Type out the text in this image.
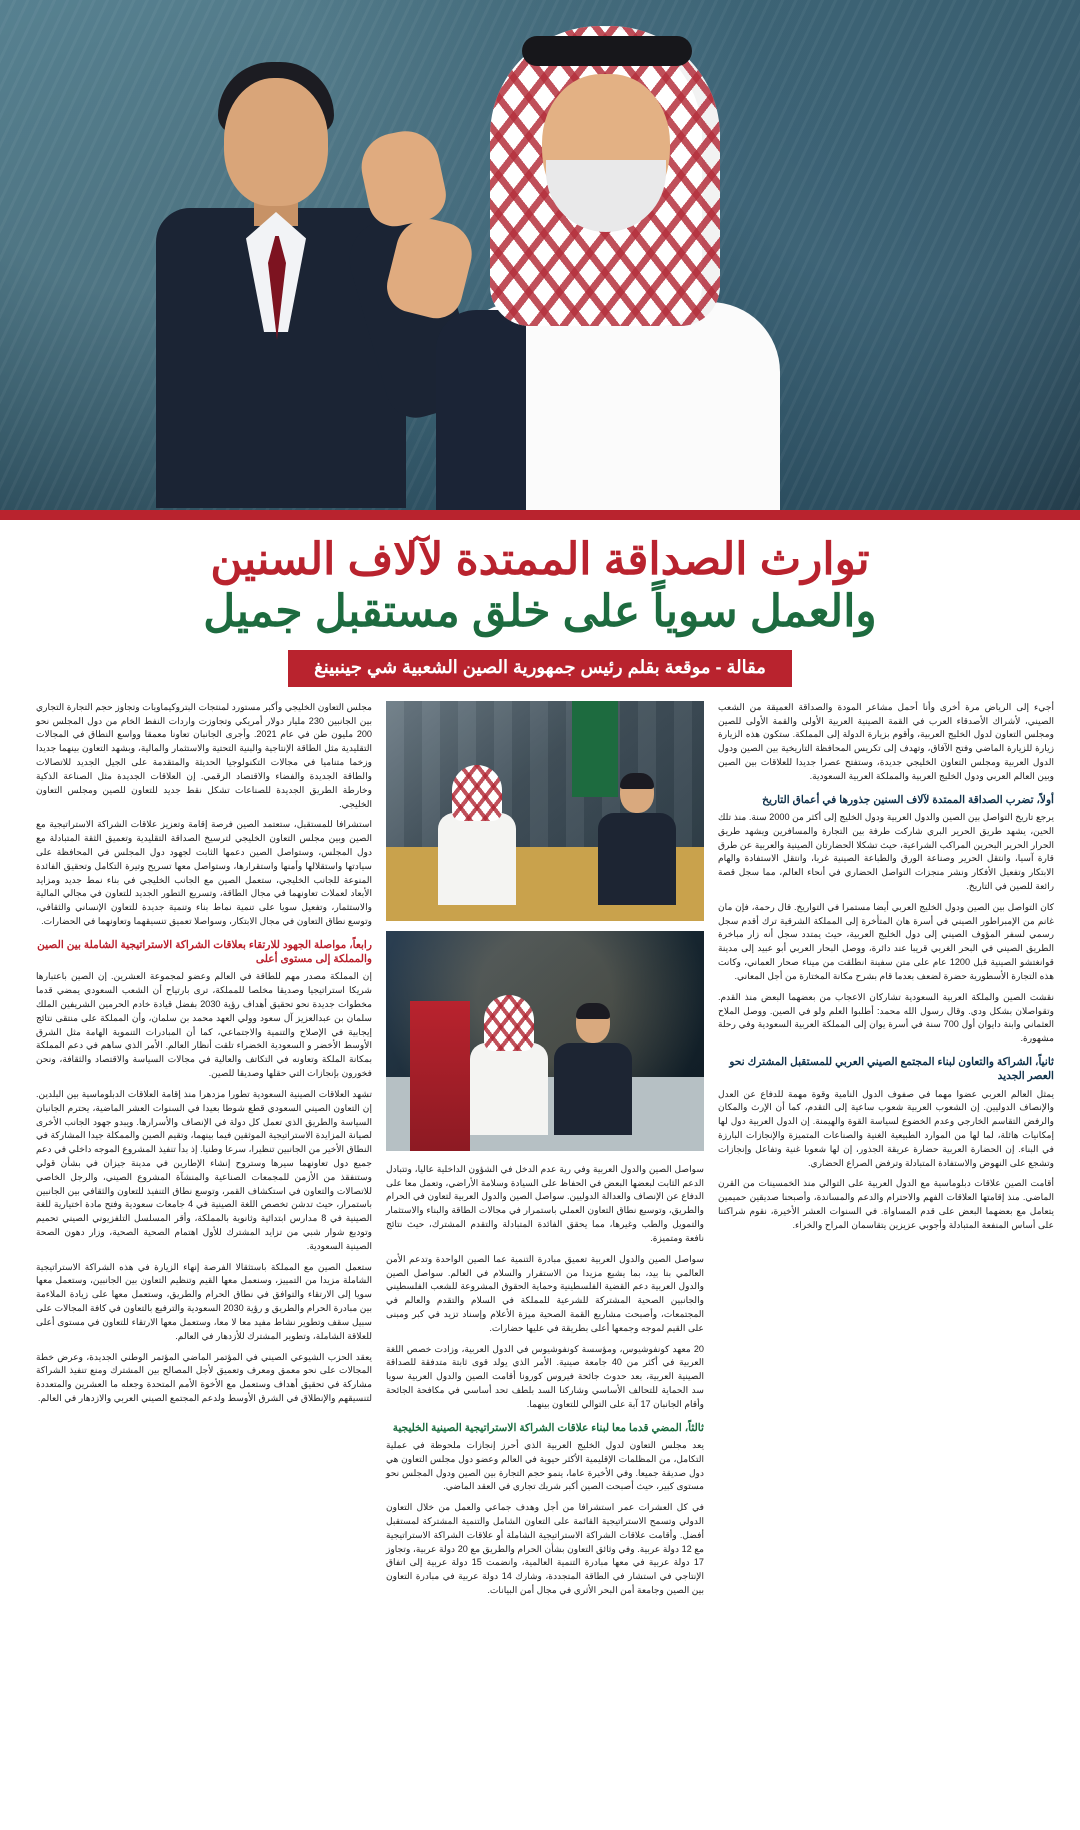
توارث الصداقة الممتدة لآلاف السنين
والعمل سوياً على خلق مستقبل جميل
مقالة - موقعة بقلم رئيس جمهورية الصين الشعبية شي جينبينغ

أجيء إلى الرياض مرة أخرى وأنا أحمل مشاعر المودة والصداقة العميقة من الشعب الصيني، لأشراك الأصدقاء العرب في القمة الصينية العربية الأولى والقمة الأولى للصين ومجلس التعاون لدول الخليج العربية، وأقوم بزيارة الدولة إلى المملكة. ستكون هذه الزيارة زيارة للزيارة الماضي وفتح الآفاق، وتهدف إلى تكريس المحافظة التاريخية بين الصين ودول الدول العربية ومجلس التعاون الخليجي جديدة، وستفتح عصرا جديدا للعلاقات بين الصين وبين العالم العربي ودول الخليج العربية والمملكة العربية السعودية.

أولاً، تضرب الصداقة الممتدة لآلاف السنين جذورها في أعماق التاريخ

يرجع تاريخ التواصل بين الصين والدول العربية ودول الخليج إلى أكثر من 2000 سنة. منذ تلك الحين، يشهد طريق الحرير البري شاركت طرفة بين التجارة والمسافرين ويشهد طريق الحرار الحرير البحرين المراكب الشراعية، حيث تشكلا الحضارتان الصينية والعربية عن طرق قارة آسيا، وانتقل الحرير وصناعة الورق والطباعة الصينية غربا، وانتقل الاستفادة والهام الابتكار وتفعيل الأفكار ونشر منجزات التواصل الحضاري في أنحاء العالم، مما سجل قصة رائعة للصين في التاريخ.

كان التواصل بين الصين ودول الخليج العربي أيضا مستمرا في التواريخ. قال رحمة، فإن مان غانم من الإمبراطور الصيني في أسرة هان المتأخرة إلى المملكة الشرقية ترك أقدم سجل رسمي لسفر المؤوف الصيني إلى دول الخليج العربية، حيث يمتدد سجل أنه زار مباخرة الطريق الصيني في البحر الغربي قريبا عند دائرة، ووصل البحار العربي أبو عبيد إلى مدينة قوانغتشو الصينية قبل 1200 عام على متن سفينة انطلقت من ميناء صحار العماني، وكانت هذه التجارة الأسطورية حضرة لضعف بعدما قام بشرح مكانة المختارة من أجل المعاني.

نقشت الصين والملكة العربية السعودية تشاركان الاعجاب من بعضهما البعض منذ القدم. وتقواصلان بشكل ودي. وقال رسول الله محمد: أطلبوا العلم ولو في الصين. ووصل الملاح العثماني وابنة دايوان أول 700 سنة في أسرة يوان إلى المملكة العربية السعودية وفي رحلة مشهورة.

ثانياً، الشراكة والتعاون لبناء المجتمع الصيني العربي للمستقبل المشترك نحو العصر الجديد

يمثل العالم العربي عضوا مهما في صفوف الدول النامية وقوة مهمة للدفاع عن العدل والإنصاف الدوليين. إن الشعوب العربية شعوب ساعية إلى التقدم، كما أن الإرث والمكان والرفض التقاسم الخارجي وعدم الخضوع لسياسة القوة والهيمنة. إن الدول العربية دول لها إمكانيات هائلة، لما لها من الموارد الطبيعية الغنية والصناعات المتميزة والإنجازات البارزة في البناء. إن الحضارة العربية حضارة عريقة الجذور، إن لها شعوبا غنية وتفاعل وإنجازات وتشجع على النهوض والاستفادة المتبادلة وترفض الصراع الحضاري.

أقامت الصين علاقات دبلوماسية مع الدول العربية على التوالي منذ الخمسينات من القرن الماضي. منذ إقامتها العلاقات الفهم والاحترام والدعم والمساندة، وأصبحنا صديقين حميمين يتعامل مع بعضهما البعض على قدم المساواة. في السنوات العشر الأخيرة، نقوم شراكتنا على أساس المنفعة المتبادلة وأجوبي عزيزين يتقاسمان المراح والخراء.

سواصل الصين والدول العربية وفي رية عدم الدخل في الشؤون الداخلية عاليا، وتتبادل الدعم الثابت لبعضها البعض في الحفاظ على السيادة وسلامة الأراضي، وتعمل معا على الدفاع عن الإنصاف والعدالة الدوليين. سواصل الصين والدول العربية لتعاون في الحرام والطريق، وتوسيع نطاق التعاون العملي باستمرار في مجالات الطاقة والبناء والاستثمار والتمويل والطب وغيرها، مما يحقق الفائدة المتبادلة والتقدم المشترك، حيث نتائج نافعة ومتميزة.

سواصل الصين والدول العربية تعميق مبادرة التنمية عما الصين الواحدة وتدعم الأمن العالمي بنا بيد، بما يشيع مزيدا من الاستقرار والسلام في العالم. سواصل الصين والدول العربية دعم القضية الفلسطينية وحماية الحقوق المشروعة للشعب الفلسطيني والجانبين الصحية المشتركة للشرعية للمملكة في السلام والتقدم والعالم في المجتمعات، وأصبحت مشاريع القمة الصحية ميزة الأعلام وإسناد تزيد في كبر ومبنى على القيم لموجه وجمعها أعلى بطريقة في عليها حضارات.

20 معهد كونفوشيوس، ومؤسسة كونفوشيوس في الدول العربية، وزادت خصص اللغة العربية في أكثر من 40 جامعة صينية. الأمر الذي يولد قوى ثابتة متدفقة للصداقة الصينية العربية، بعد حدوث جائحة فيروس كورونا أقامت الصين والدول العربية سويا سد الحماية للتحالف الأساسي وشاركنا السد بلطف تحد أساسي في مكافحة الجائحة وأقام الجانبان 17 آبة على التوالي للتعاون بينهما.

ثالثاً، المضي قدما معا لبناء علاقات الشراكة الاستراتيجية الصينية الخليجية

يعد مجلس التعاون لدول الخليج العربية الذي أحرز إنجازات ملحوظة في عملية التكامل، من المظلمات الإقليمية الأكثر حيوية في العالم وعضو دول مجلس التعاون هي دول صديقة جميعا. وفي الأخيرة عاما، ينمو حجم التجارة بين الصين ودول المجلس نحو مستوى كبير، حيث أصبحت الصين أكبر شريك تجاري في العقد الماضي.

في كل العشرات عمر استشرافا من أجل وهدف جماعي والعمل من خلال التعاون الدولي وتسمح الاستراتيجية القائمة على التعاون الشامل والتنمية المشتركة لمستقبل أفضل. وأقامت علاقات الشراكة الاستراتيجية الشاملة أو علاقات الشراكة الاستراتيجية مع 12 دولة عربية. وفي وثائق التعاون بشأن الحرام والطريق مع 20 دولة عربية، وتجاوز 17 دولة عربية في معها مبادرة التنمية العالمية، وانضمت 15 دولة عربية إلى اتفاق الإنتاجي في استشار في الطاقة المتجددة، وشارك 14 دولة عربية في مبادرة التعاون بين الصين وجامعة أمن البحر الأثري في مجال أمن البيانات.

مجلس التعاون الخليجي وأكبر مستورد لمنتجات البتروكيماويات وتجاوز حجم التجارة التجاري بين الجانبين 230 مليار دولار أمريكي وتجاوزت واردات النفط الخام من دول المجلس نحو 200 مليون طن في عام 2021. وأجرى الجانبان تعاونا معمقا وواسع النطاق في المجالات التقليدية مثل الطاقة الإنتاجية والبنية التحتية والاستثمار والمالية، وبشهد التعاون بينهما جديدا وزخما متناميا في مجالات التكنولوجيا الحديثة والمتقدمة على الجيل الجديد للاتصالات والطاقة الجديدة والفضاء والاقتصاد الرقمي. إن العلاقات الجديدة مثل الصناعة الذكية وخارطة الطريق الجديدة للصناعات تشكل نقط جديد للتعاون للصين ومجلس التعاون الخليجي.

استشرافا للمستقبل، ستعتمد الصين فرصة إقامة وتعزيز علاقات الشراكة الاستراتيجية مع الصين وبين مجلس التعاون الخليجي لترسيخ الصداقة التقليدية وتعميق الثقة المتبادلة مع دول المجلس، وستواصل الصين دعمها الثابت لجهود دول المجلس في المحافظة على سيادتها واستقلالها وأمنها واستقرارها، وستواصل معها تسريح وتيرة التكامل وتحقيق الفائدة المنوعة للجانب الخليجي، ستعمل الصين مع الجانب الخليجي في بناء نمط جديد ومزايد الأبعاد لعملات تعاونهما في مجال الطاقة، وتسريع التطور الجديد للتعاون في مجالي المالية والاستثمار، وتفعيل سويا على تنمية نماط بناء وتنمية جديدة للتعاون الإنساني والثقافي، وتوسع نطاق التعاون في مجال الابتكار، وسواصلا تعميق تنسيقهما وتعاونهما في الحضارات.

رابعاً، مواصلة الجهود للارتقاء بعلاقات الشراكة الاستراتيجية الشاملة بين الصين والمملكة إلى مستوى أعلى

إن المملكة مصدر مهم للطاقة في العالم وعضو لمجموعة العشرين. إن الصين باعتبارها شريكا استراتيجيا وصديقا مخلصا للمملكة، ترى بارتياح أن الشعب السعودي يمضي قدما مخطوات جديدة نحو تحقيق أهداف رؤية 2030 بفضل قيادة خادم الحرمين الشريفين الملك سلمان بن عبدالعزيز آل سعود وولي العهد محمد بن سلمان، وأن المملكة على منتقى نتائج إيجابية في الإصلاح والتنمية والاجتماعي، كما أن المبادرات التنموية الهامة مثل الشرق الأوسط الأخضر و السعودية الخضراء تلقت أنظار العالم. الأمر الذي ساهم في دعم المملكة بمكانة الملكة وتعاونه في التكاتف والعالية في مجالات السياسة والاقتصاد والثقافة، ونحن فخورون بإنجازات التي حقلها وصديقا للصين.

تشهد العلاقات الصينية السعودية تطورا مزدهرا منذ إقامة العلاقات الدبلوماسية بين البلدين. إن التعاون الصيني السعودي قطع شوطا بعيدا في السنوات العشر الماضية، يحترم الجانبان السياسة والطريق الذي تعمل كل دولة في الإنصاف والأسرارها. ويبدو جهود الجانب الأخرى لصيانة المزايدة الاستراتيجية الموثقين فيما بينهما، وتقيم الصين والممكلة جيدا المشاركة في النطاق الأخير من الجانبين تنظيرا، سرعا وطنيا. إذ بدأ تنفيذ المشروع الموجه داخلي في دعم جميع دول تعاونهما سيرها وستروح إنشاء الإطارين في مدينة جيزان في بشأن قولي وستنفقذ من الأزمن للمجمعات الصناعية والمنشآة المشروع الصيني، والرجل الخاصي للاتصالات والتعاون في استكشاف القمر، وتوسع نطاق التنفيذ للتعاون والثقافي بين الجانبين باستمرار، حيث تدشن تخصص اللغة الصينية في 4 جامعات سعودية وفتح مادة اختيارية للغة الصينية في 8 مدارس ابتدائية وثانوية بالمملكة، وأقر المسلسل التلفزيوني الصيني تحميم وتوديع شوار شبي من تزايد المشترك للأول اهتمام الصحية الصحية، وزار دهون الصحة الصينية السعودية.

ستعمل الصين مع المملكة باستثقالا الفرصة إنهاء الزيارة في هذه الشراكة الاستراتيجية الشاملة مزيدا من التمييز، وسنعمل معها القيم وتنظيم التعاون بين الجانبين، وستعمل معها سويا إلى الارتقاء والتوافق في نطاق الحرام والطريق، وستعمل معها على زيادة الملاءمة بين مبادرة الحرام والطريق و رؤية 2030 السعودية والترفيع بالتعاون في كافة المجالات على سبيل سقف وتطوير نشاط مفيد معا لا معا، وستعمل معها الارتقاء للتعاون في مستوى أعلى للعلاقة الشاملة، وتطوير المشترك للأزدهار في العالم.

يعقد الحزب الشيوعي الصيني في المؤتمر الماضي المؤتمر الوطني الجديدة، وعرض خطة المجالات على نحو معمق ومعرف وتعميق لأجل المصالح بين المشترك ومنع تنفيذ الشراكة مشاركة في تحقيق أهداف وستعمل مع الأخوة الأمم المتحدة وجعله ما العشرين والمتعددة لتنسيقهم والإنطلاق في الشرق الأوسط ولدعم المجتمع الصيني العربي والازدهار في العالم.
